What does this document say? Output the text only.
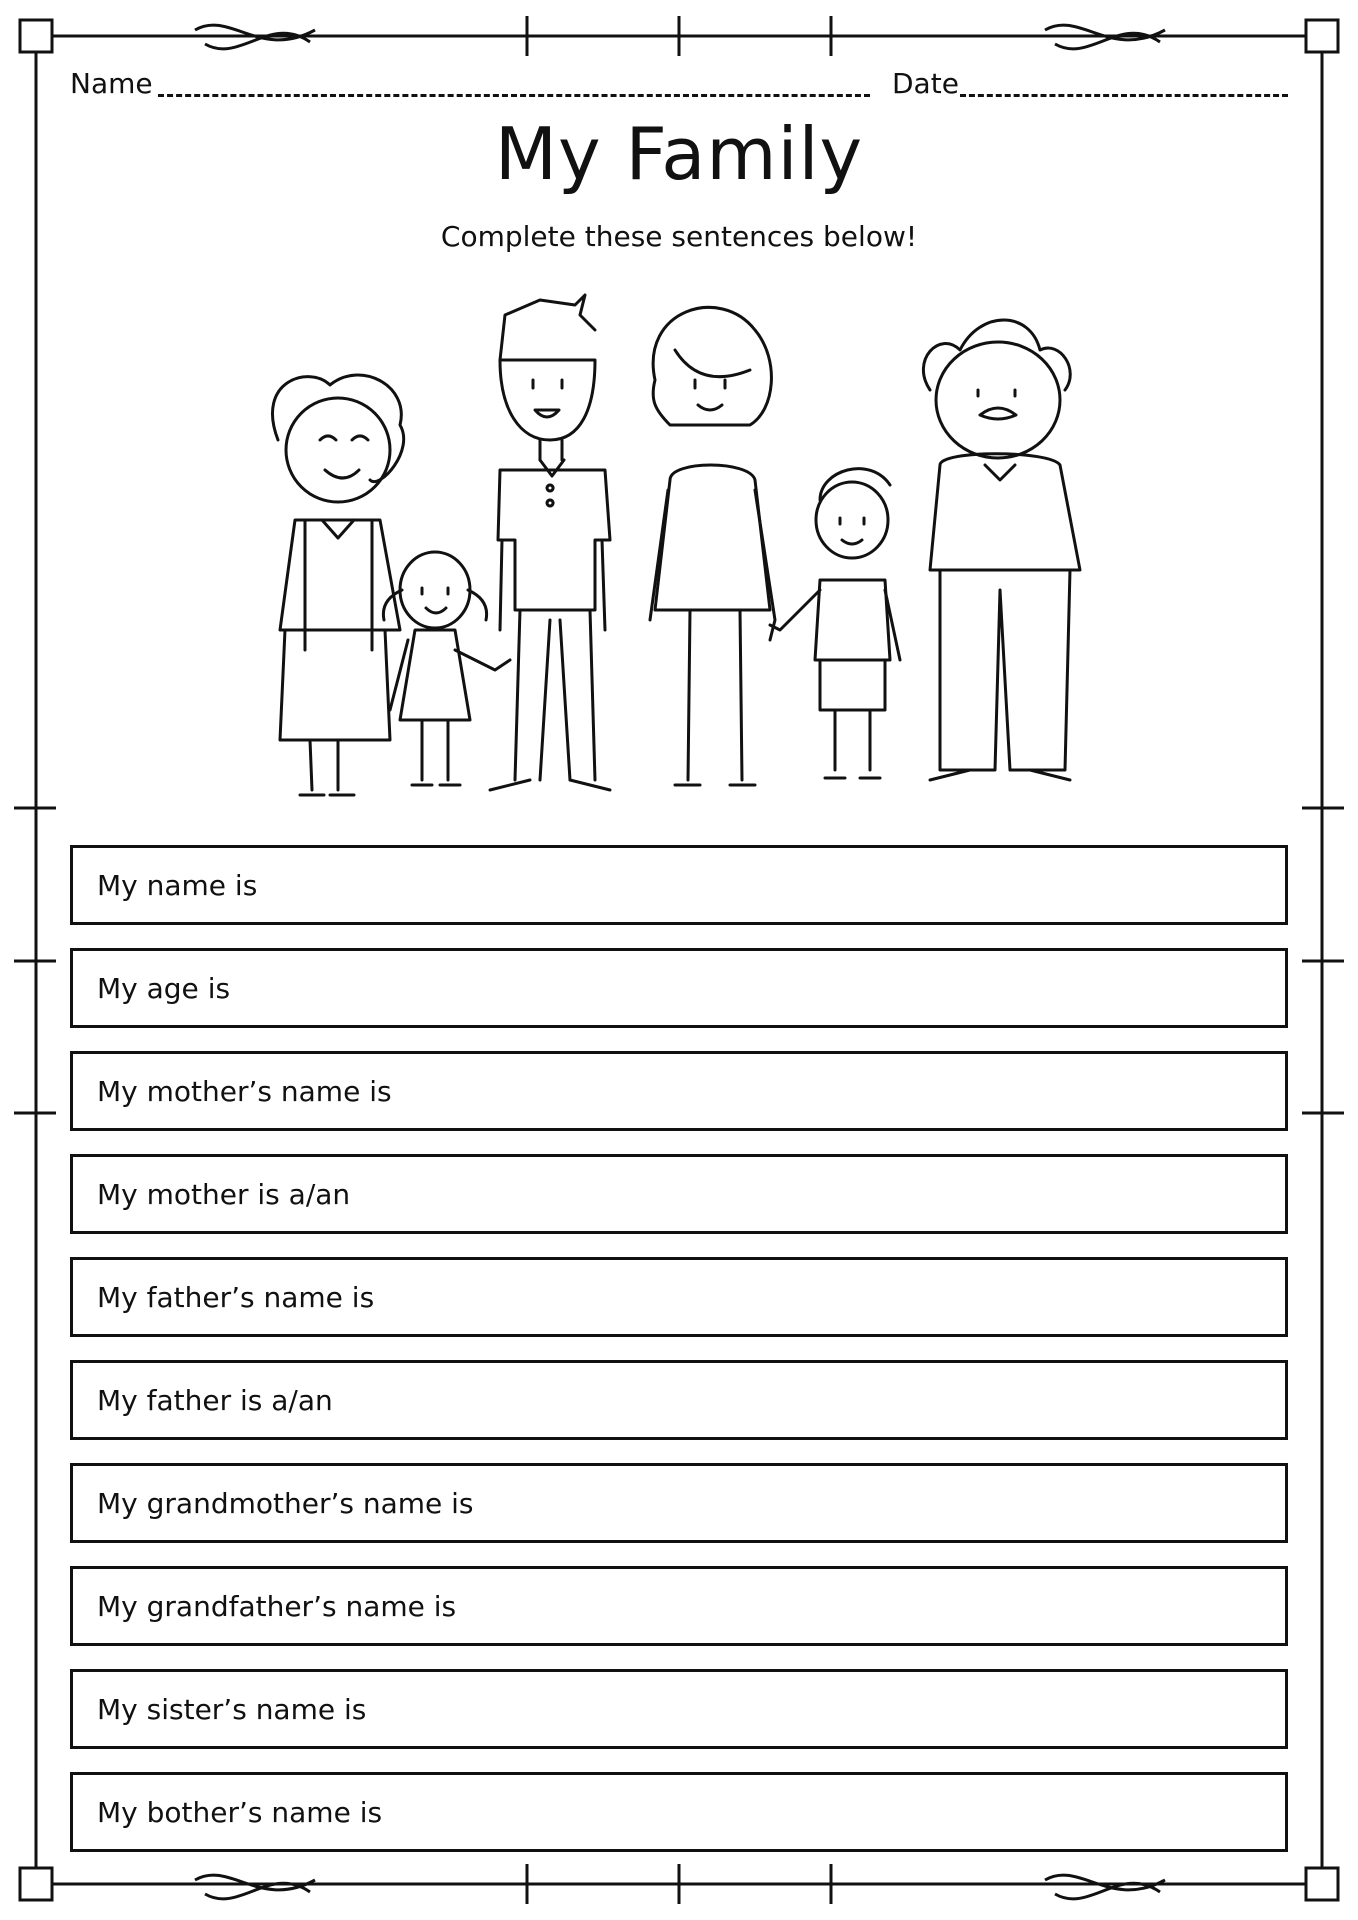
Name	Date
My Family
Complete these sentences below!
My name is
My age is
My mother’s name is
My mother is a/an
My father’s name is
My father is a/an
My grandmother’s name is
My grandfather’s name is
My sister’s name is
My bother’s name is
